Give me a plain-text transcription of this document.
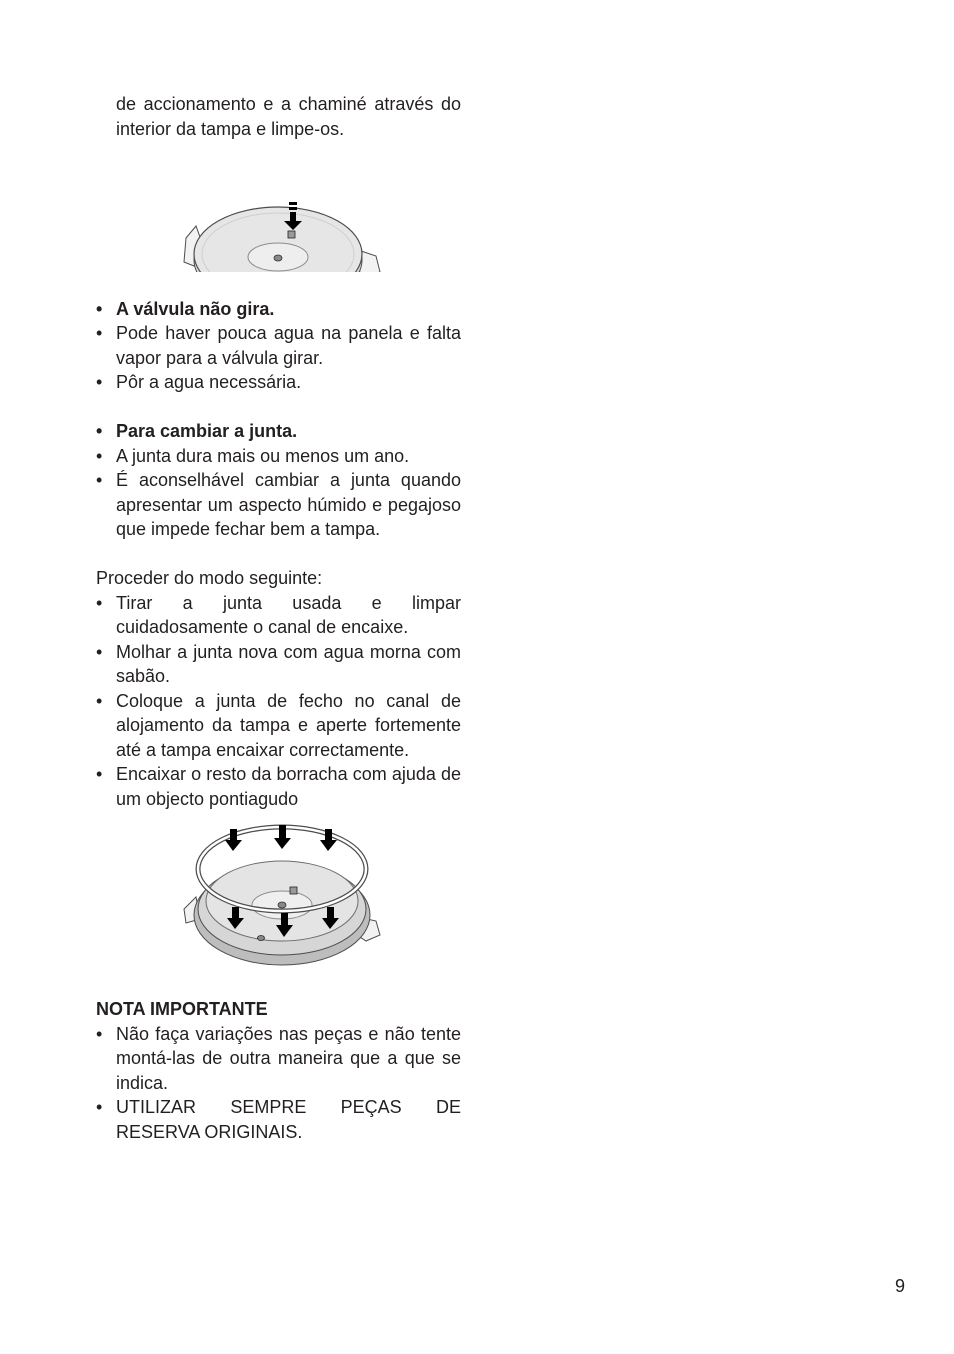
de accionamento e a chaminé através do interior da tampa e limpe-os.
• A válvula não gira.
• Pode haver pouca agua na panela e falta vapor para a válvula girar.
• Pôr a agua necessária.
• Para cambiar a junta.
• A junta dura mais ou menos um ano.
• É aconselhável cambiar a junta quando apresentar um aspecto húmido e pegajoso que impede fechar bem a tampa.
Proceder do modo seguinte:
• Tirar a junta usada e limpar cuidadosamente o canal de encaixe.
• Molhar a junta nova com agua morna com sabão.
• Coloque a junta de fecho no canal de alojamento da tampa e aperte fortemente até a tampa encaixar correctamente.
• Encaixar o resto da borracha com ajuda de um objecto pontiagudo
NOTA IMPORTANTE
• Não faça variações nas peças e não tente montá-las de outra maneira que a que se indica.
• UTILIZAR SEMPRE PEÇAS DE RESERVA ORIGINAIS.
9
